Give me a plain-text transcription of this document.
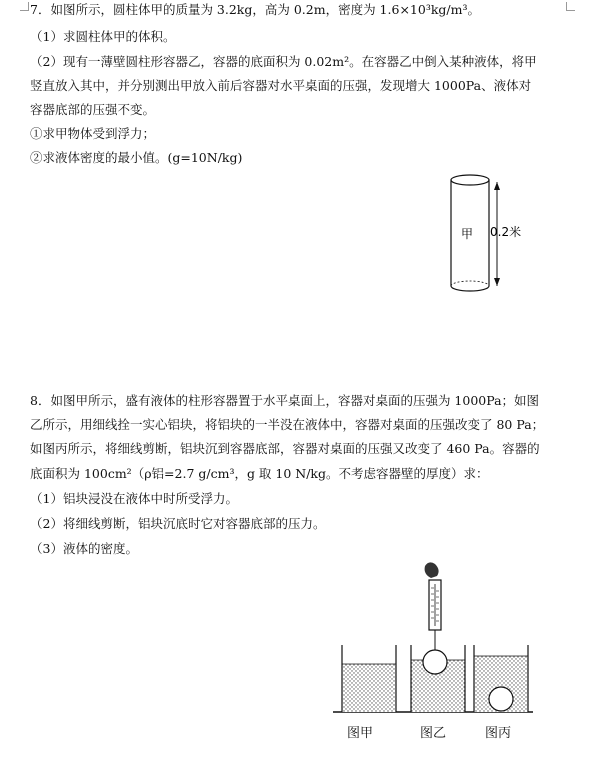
7．如图所示，圆柱体甲的质量为 3.2kg，高为 0.2m，密度为 1.6×10³kg/m³。
（1）求圆柱体甲的体积。
（2）现有一薄壁圆柱形容器乙，容器的底面积为 0.02m²。在容器乙中倒入某种液体，将甲
竖直放入其中，并分别测出甲放入前后容器对水平桌面的压强，发现增大 1000Pa、液体对
容器底部的压强不变。
①求甲物体受到浮力；
②求液体密度的最小值。(g=10N/kg)
甲 0.2米
8．如图甲所示，盛有液体的柱形容器置于水平桌面上，容器对桌面的压强为 1000Pa；如图
乙所示，用细线拴一实心铝块，将铝块的一半没在液体中，容器对桌面的压强改变了 80 Pa；
如图丙所示，将细线剪断，铝块沉到容器底部，容器对桌面的压强又改变了 460 Pa。容器的
底面积为 100cm²（ρ铝=2.7 g/cm³，g 取 10 N/kg。不考虑容器壁的厚度）求：
（1）铝块浸没在液体中时所受浮力。
（2）将细线剪断，铝块沉底时它对容器底部的压力。
（3）液体的密度。
图甲	图乙	图丙
